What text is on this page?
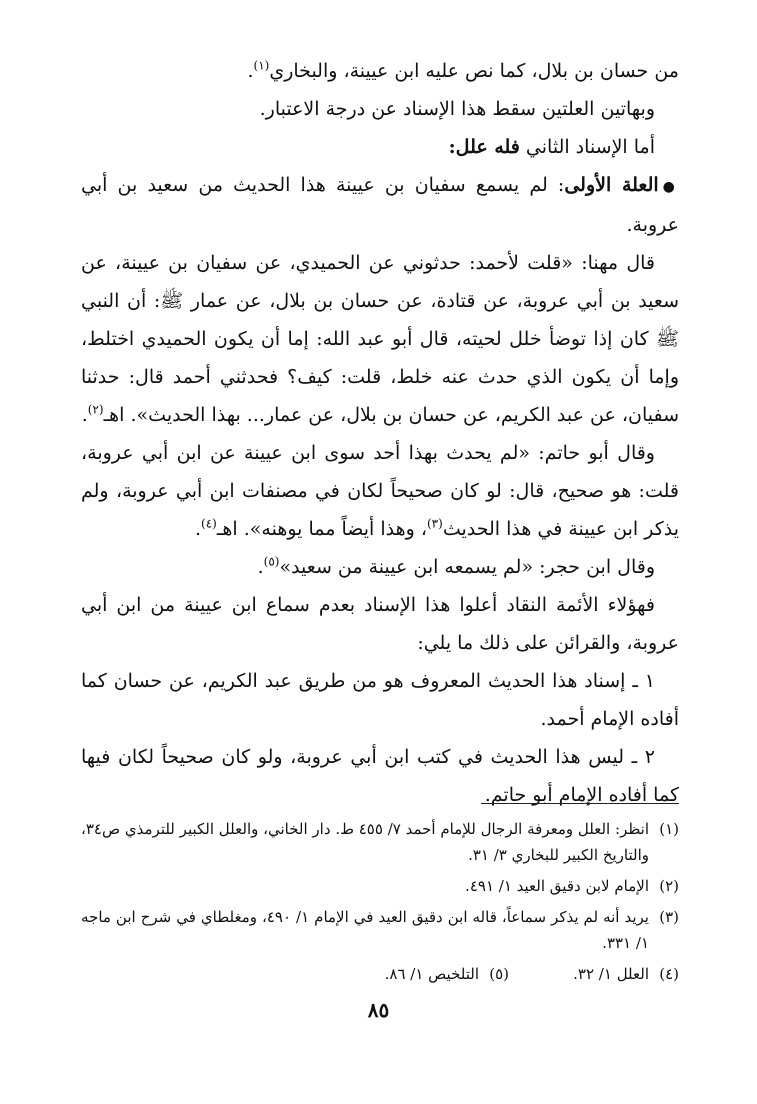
من حسان بن بلال، كما نص عليه ابن عيينة، والبخاري$^{(١)}$.

وبهاتين العلتين سقط هذا الإسناد عن درجة الاعتبار.

أما الإسناد الثاني فله علل:

●العلة الأولى: لم يسمع سفيان بن عيينة هذا الحديث من سعيد بن أبي عروبة.

قال مهنا: «قلت لأحمد: حدثوني عن الحميدي، عن سفيان بن عيينة، عن سعيد بن أبي عروبة، عن قتادة، عن حسان بن بلال، عن عمار ﷺ: أن النبي ﷺ كان إذا توضأ خلل لحيته، قال أبو عبد الله: إما أن يكون الحميدي اختلط، وإما أن يكون الذي حدث عنه خلط، قلت: كيف؟ فحدثني أحمد قال: حدثنا سفيان، عن عبد الكريم، عن حسان بن بلال، عن عمار... بهذا الحديث». اهـ$^{(٢)}$.

وقال أبو حاتم: «لم يحدث بهذا أحد سوى ابن عيينة عن ابن أبي عروبة، قلت: هو صحيح، قال: لو كان صحيحاً لكان في مصنفات ابن أبي عروبة، ولم يذكر ابن عيينة في هذا الحديث$^{(٣)}$، وهذا أيضاً مما يوهنه». اهـ$^{(٤)}$.

وقال ابن حجر: «لم يسمعه ابن عيينة من سعيد»$^{(٥)}$.

فهؤلاء الأئمة النقاد أعلوا هذا الإسناد بعدم سماع ابن عيينة من ابن أبي عروبة، والقرائن على ذلك ما يلي:

١ ـ إسناد هذا الحديث المعروف هو من طريق عبد الكريم، عن حسان كما أفاده الإمام أحمد.

٢ ـ ليس هذا الحديث في كتب ابن أبي عروبة، ولو كان صحيحاً لكان فيها كما أفاده الإمام أبو حاتم.

(١)
انظر: العلل ومعرفة الرجال للإمام أحمد ٧/ ٤٥٥ ط. دار الخاني، والعلل الكبير للترمذي ص٣٤، والتاريخ الكبير للبخاري ٣/ ٣١.
(٢)
الإمام لابن دقيق العيد ١/ ٤٩١.
(٣)
يريد أنه لم يذكر سماعاً، قاله ابن دقيق العيد في الإمام ١/ ٤٩٠، ومغلطاي في شرح ابن ماجه ١/ ٣٣١.
(٤)
العلل ١/ ٣٢.
(٥)
التلخيص ١/ ٨٦.
٨٥
